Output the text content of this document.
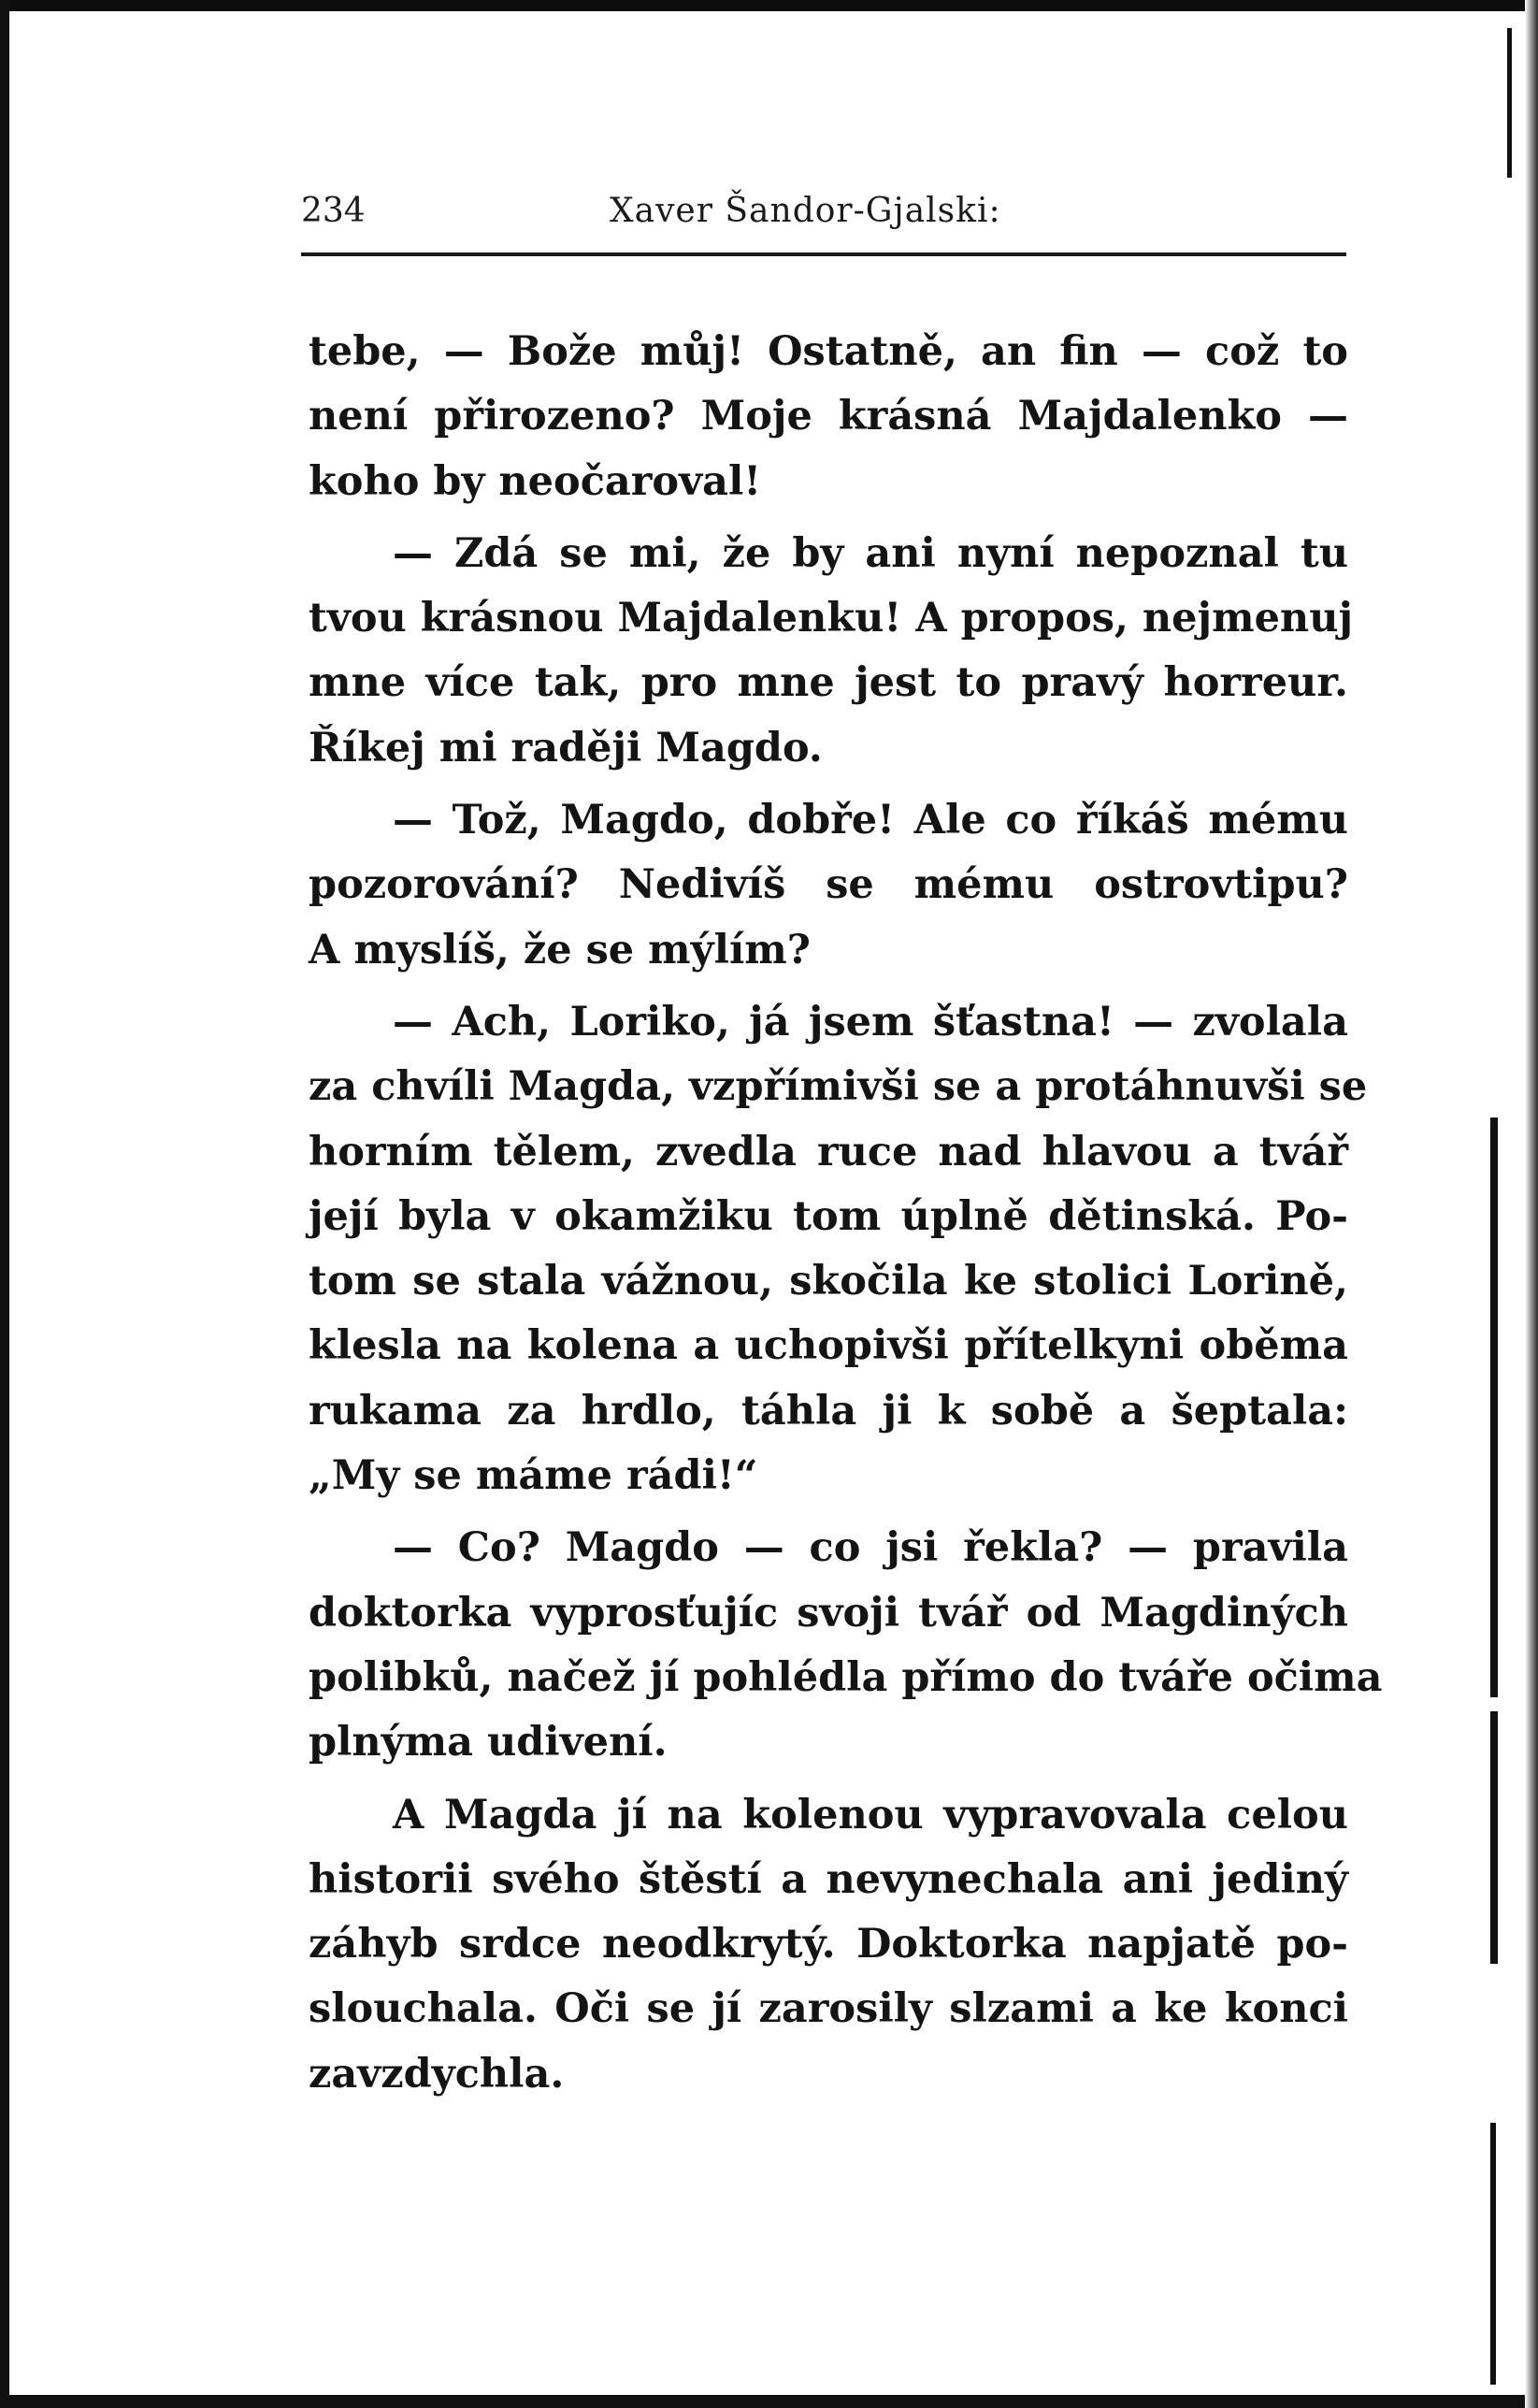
234	Xaver Šandor-Gjalski:

tebe, — Bože můj! Ostatně, an fin — což to
není přirozeno? Moje krásná Majdalenko —
koho by neočaroval!

— Zdá se mi, že by ani nyní nepoznal tu
tvou krásnou Majdalenku! A propos, nejmenuj
mne více tak, pro mne jest to pravý horreur.
Říkej mi raději Magdo.

— Tož, Magdo, dobře! Ale co říkáš mému
pozorování? Nedivíš se mému ostrovtipu?
A myslíš, že se mýlím?

— Ach, Loriko, já jsem šťastna! — zvolala
za chvíli Magda, vzpřímivši se a protáhnuvši se
horním tělem, zvedla ruce nad hlavou a tvář
její byla v okamžiku tom úplně dětinská. Po-
tom se stala vážnou, skočila ke stolici Lorině,
klesla na kolena a uchopivši přítelkyni oběma
rukama za hrdlo, táhla ji k sobě a šeptala:
„My se máme rádi!“

— Co? Magdo — co jsi řekla? — pravila
doktorka vyprosťujíc svoji tvář od Magdiných
polibků, načež jí pohlédla přímo do tváře očima
plnýma udivení.

A Magda jí na kolenou vypravovala celou
historii svého štěstí a nevynechala ani jediný
záhyb srdce neodkrytý. Doktorka napjatě po-
slouchala. Oči se jí zarosily slzami a ke konci
zavzdychla.
